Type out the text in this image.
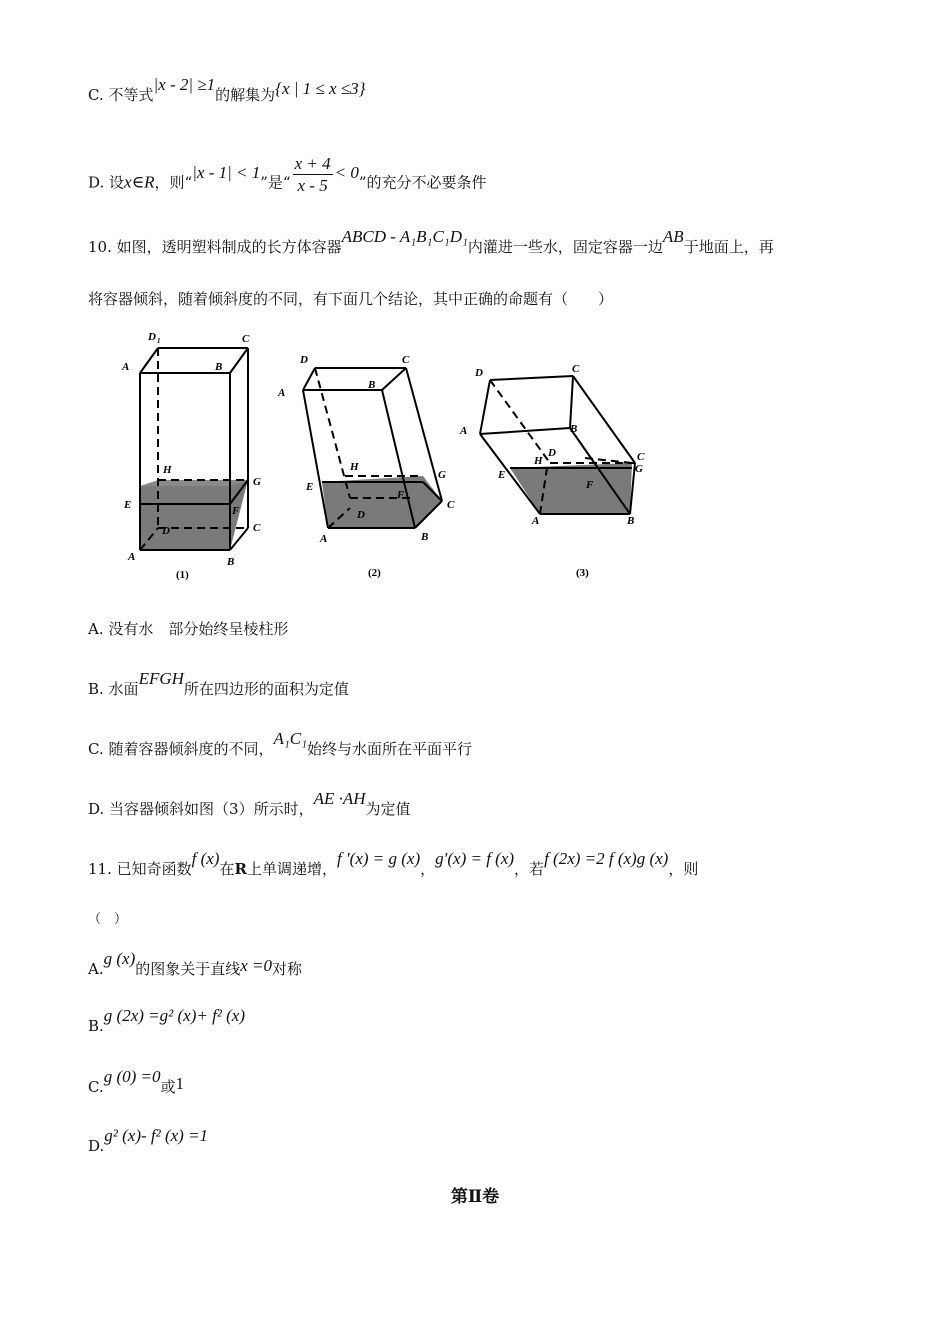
C. 不等式|x - 2| ≥1的解集为{x | 1 ≤ x ≤3}
D. 设x∈R，则“|x - 1| < 1”是“ $\frac{x + 4}{x - 5} < 0$”的充分不必要条件
10. 如图，透明塑料制成的长方体容器ABCD - A₁B₁C₁D₁内灌进一些水，固定容器一边AB于地面上，再
将容器倾斜，随着倾斜度的不同，有下面几个结论，其中正确的命题有（　　）
D 1	C
A	B
H
G
E	F
D	C
A	B
(1)
D	C
A
B
H
E
F
G
C
D
A	B
(2)
D	C
A	B
H
D	C
G
E
F
A	B
(3)
A. 没有水　部分始终呈棱柱形
B. 水面EFGH所在四边形的面积为定值
C. 随着容器倾斜度的不同，A₁C₁始终与水面所在平面平行
D. 当容器倾斜如图（3）所示时，AE ·AH为定值
11. 已知奇函数f (x)在R上单调递增，f ′(x) = g (x)，g′(x) = f (x)，若f (2x) =2 f (x)g (x)，则
（　）
A.g (x)的图象关于直线x =0对称
B.g (2x) =g² (x)+ f² (x)
C.g (0) =0或1
D.g² (x)- f² (x) =1
第Ⅱ卷
